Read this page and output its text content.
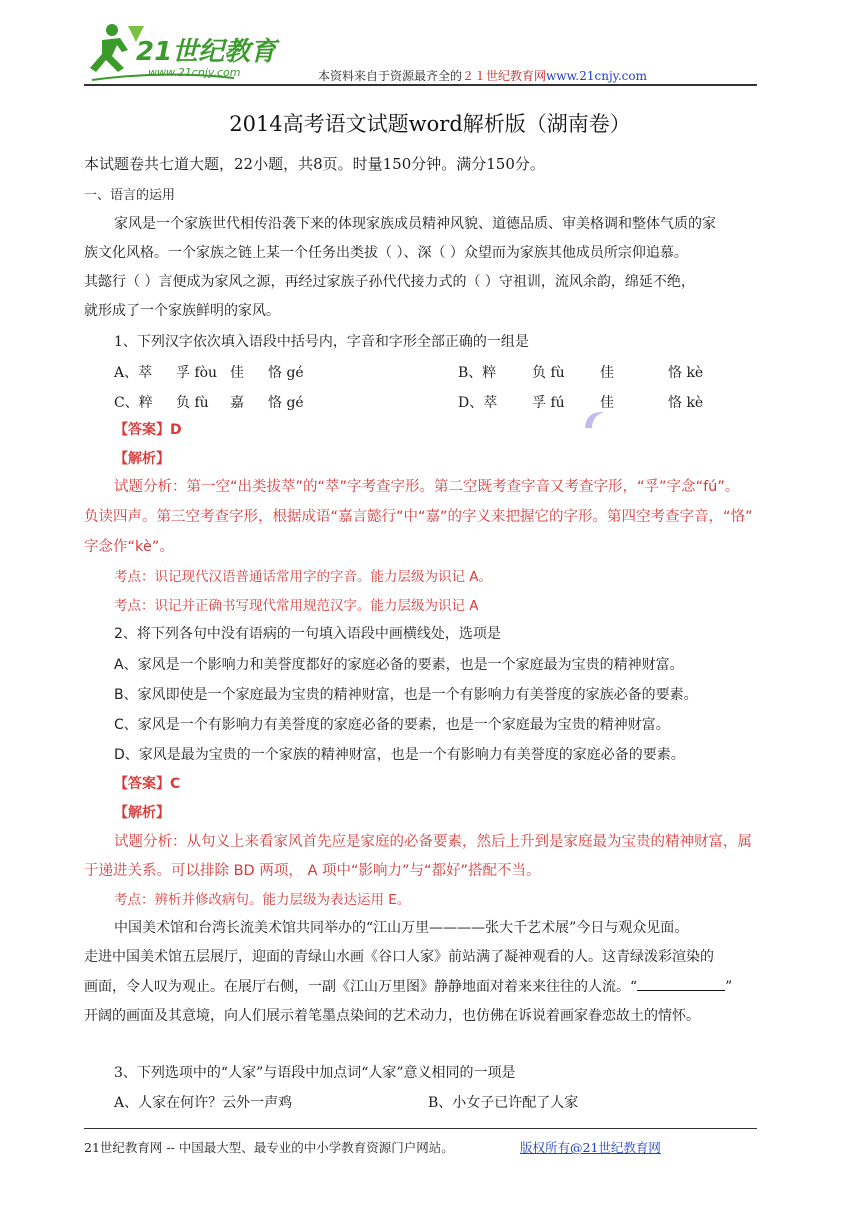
21世纪教育
www.21cnjy.com	本资料来自于资源最齐全的２１世纪教育网www.21cnjy.com
2014高考语文试题word解析版（湖南卷）
本试题卷共七道大题，22小题，共8页。时量150分钟。满分150分。
一、语言的运用
家风是一个家族世代相传沿袭下来的体现家族成员精神风貌、道德品质、审美格调和整体气质的家
族文化风格。一个家族之链上某一个任务出类拔（ ）、深（ ）众望而为家族其他成员所宗仰追慕。
其懿行（ ）言便成为家风之源，再经过家族子孙代代接力式的（ ）守祖训，流风余韵，绵延不绝，
就形成了一个家族鲜明的家风。
1、下列汉字依次填入语段中括号内，字音和字形全部正确的一组是
A、萃 孚 fòu 佳 恪 gé	B、粹	负 fù	佳	恪 kè
C、粹 负 fù 嘉 恪 gé	D、萃 孚 fú	佳	恪 kè
【答案】D
【解析】
试题分析：第一空“出类拔萃”的“萃”字考查字形。第二空既考查字音又考查字形，“孚”字念“fú”。
负读四声。第三空考查字形，根据成语“嘉言懿行”中“嘉”的字义来把握它的字形。第四空考查字音，“恪”
字念作“kè”。
考点：识记现代汉语普通话常用字的字音。能力层级为识记 A。
考点：识记并正确书写现代常用规范汉字。能力层级为识记 A
2、将下列各句中没有语病的一句填入语段中画横线处，选项是
A、家风是一个影响力和美誉度都好的家庭必备的要素，也是一个家庭最为宝贵的精神财富。
B、家风即使是一个家庭最为宝贵的精神财富，也是一个有影响力有美誉度的家族必备的要素。
C、家风是一个有影响力有美誉度的家庭必备的要素，也是一个家庭最为宝贵的精神财富。
D、家风是最为宝贵的一个家族的精神财富，也是一个有影响力有美誉度的家庭必备的要素。
【答案】C
【解析】
试题分析：从句义上来看家风首先应是家庭的必备要素，然后上升到是家庭最为宝贵的精神财富，属
于递进关系。可以排除 BD 两项， A 项中“影响力”与“都好”搭配不当。
考点：辨析并修改病句。能力层级为表达运用 E。
中国美术馆和台湾长流美术馆共同举办的“江山万里————张大千艺术展”今日与观众见面。
走进中国美术馆五层展厅，迎面的青绿山水画《谷口人家》前站满了凝神观看的人。这青绿泼彩渲染的
画面，令人叹为观止。在展厅右侧，一副《江山万里图》静静地面对着来来往往的人流。“	”
开阔的画面及其意境，向人们展示着笔墨点染间的艺术动力，也仿佛在诉说着画家眷恋故土的情怀。
3、下列选项中的“人家”与语段中加点词“人家”意义相同的一项是
A、人家在何许？云外一声鸡	B、小女子已许配了人家
21世纪教育网 -- 中国最大型、最专业的中小学教育资源门户网站。	版权所有@21世纪教育网
